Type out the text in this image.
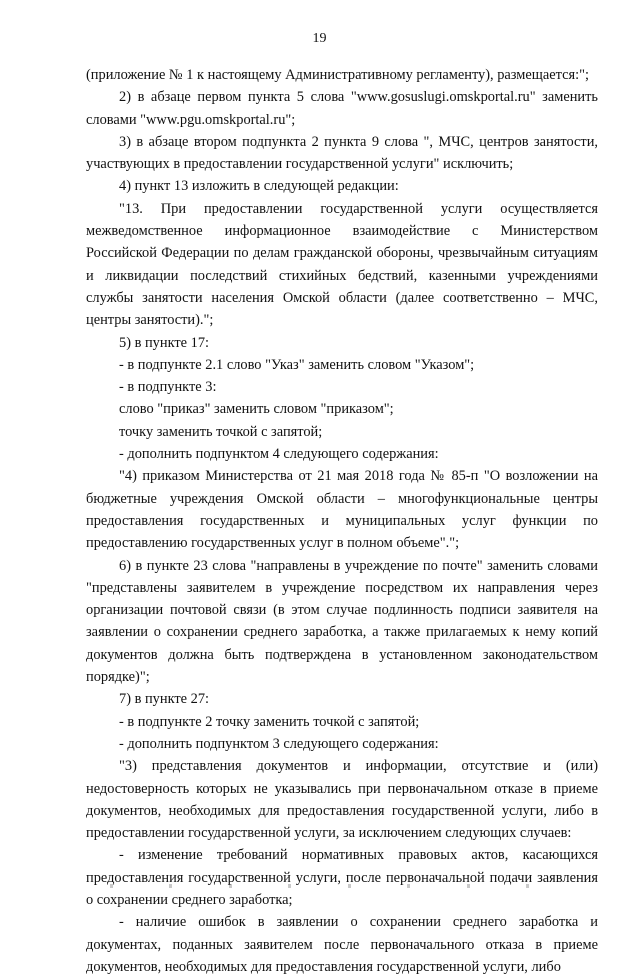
19

(приложение № 1 к настоящему Административному регламенту), размещается:";

2) в абзаце первом пункта 5 слова "www.gosuslugi.omskportal.ru" заменить словами "www.pgu.omskportal.ru";

3) в абзаце втором подпункта 2 пункта 9 слова ", МЧС, центров занятости, участвующих в предоставлении государственной услуги" исключить;

4) пункт 13 изложить в следующей редакции:

"13. При предоставлении государственной услуги осуществляется межведомственное информационное взаимодействие с Министерством Российской Федерации по делам гражданской обороны, чрезвычайным ситуациям и ликвидации последствий стихийных бедствий, казенными учреждениями службы занятости населения Омской области (далее соответственно – МЧС, центры занятости).";

5) в пункте 17:

- в подпункте 2.1 слово "Указ" заменить словом "Указом";

- в подпункте 3:

слово "приказ" заменить словом "приказом";

точку заменить точкой с запятой;

- дополнить подпунктом 4 следующего содержания:

"4) приказом Министерства от 21 мая 2018 года № 85-п "О возложении на бюджетные учреждения Омской области – многофункциональные центры предоставления государственных и муниципальных услуг функции по предоставлению государственных услуг в полном объеме".";

6) в пункте 23 слова "направлены в учреждение по почте" заменить словами "представлены заявителем в учреждение посредством их направления через организации почтовой связи (в этом случае подлинность подписи заявителя на заявлении о сохранении среднего заработка, а также прилагаемых к нему копий документов должна быть подтверждена в установленном законодательством порядке)";

7) в пункте 27:

- в подпункте 2 точку заменить точкой с запятой;

- дополнить подпунктом 3 следующего содержания:

"3) представления документов и информации, отсутствие и (или) недостоверность которых не указывались при первоначальном отказе в приеме документов, необходимых для предоставления государственной услуги, либо в предоставлении государственной услуги, за исключением следующих случаев:

- изменение требований нормативных правовых актов, касающихся предоставления государственной услуги, после первоначальной подачи заявления о сохранении среднего заработка;

- наличие ошибок в заявлении о сохранении среднего заработка и документах, поданных заявителем после первоначального отказа в приеме документов, необходимых для предоставления государственной услуги, либо
